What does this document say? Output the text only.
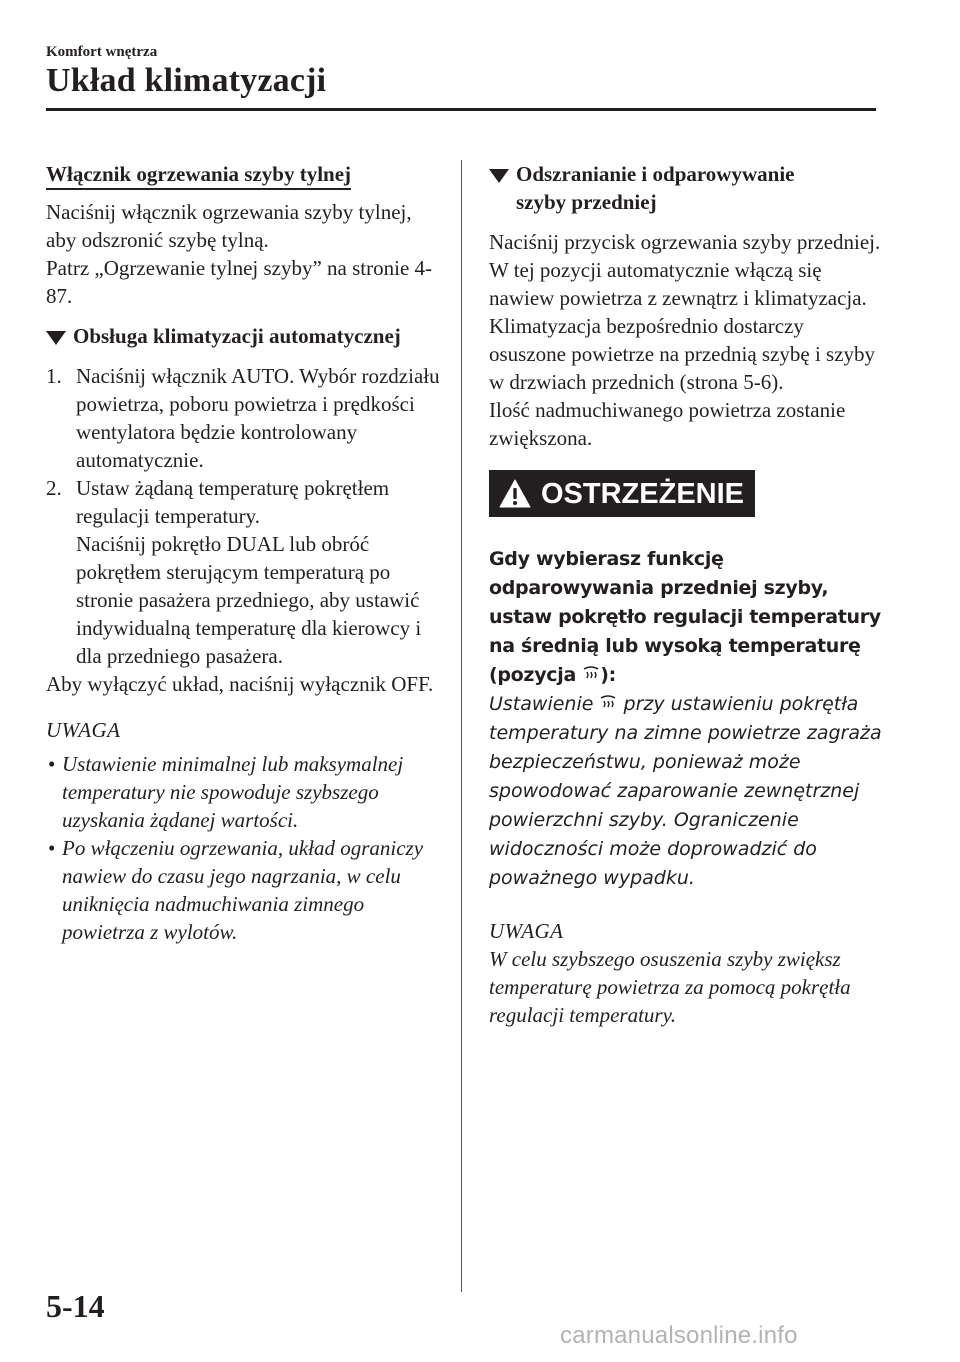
Komfort wnętrza
Układ klimatyzacji
Włącznik ogrzewania szyby tylnej

Naciśnij włącznik ogrzewania szyby tylnej, aby odszronić szybę tylną.

Patrz „Ogrzewanie tylnej szyby” na stronie 4-87.

Obsługa klimatyzacji automatycznej
1. Naciśnij włącznik AUTO. Wybór rozdziału powietrza, poboru powietrza i prędkości wentylatora będzie kontrolowany automatycznie.
2. Ustaw żądaną temperaturę pokrętłem regulacji temperatury.
Naciśnij pokrętło DUAL lub obróć pokrętłem sterującym temperaturą po stronie pasażera przedniego, aby ustawić indywidualną temperaturę dla kierowcy i dla przedniego pasażera.

Aby wyłączyć układ, naciśnij wyłącznik OFF.

UWAGA
• Ustawienie minimalnej lub maksymalnej temperatury nie spowoduje szybszego uzyskania żądanej wartości.
• Po włączeniu ogrzewania, układ ograniczy nawiew do czasu jego nagrzania, w celu uniknięcia nadmuchiwania zimnego powietrza z wylotów.
Odszranianie i odparowywanie
szyby przedniej

Naciśnij przycisk ogrzewania szyby przedniej.

W tej pozycji automatycznie włączą się nawiew powietrza z zewnątrz i klimatyzacja. Klimatyzacja bezpośrednio dostarczy osuszone powietrze na przednią szybę i szyby w drzwiach przednich (strona 5-6).

Ilość nadmuchiwanego powietrza zostanie zwiększona.

OSTRZEŻENIE
Gdy wybierasz funkcję odparowywania przedniej szyby, ustaw pokrętło regulacji temperatury na średnią lub wysoką temperaturę (pozycja ):
Ustawienie  przy ustawieniu pokrętła temperatury na zimne powietrze zagraża bezpieczeństwu, ponieważ może spowodować zaparowanie zewnętrznej powierzchni szyby. Ograniczenie widoczności może doprowadzić do poważnego wypadku.
UWAGA
W celu szybszego osuszenia szyby zwiększ temperaturę powietrza za pomocą pokrętła regulacji temperatury.
5-14
carmanualsonline.info
